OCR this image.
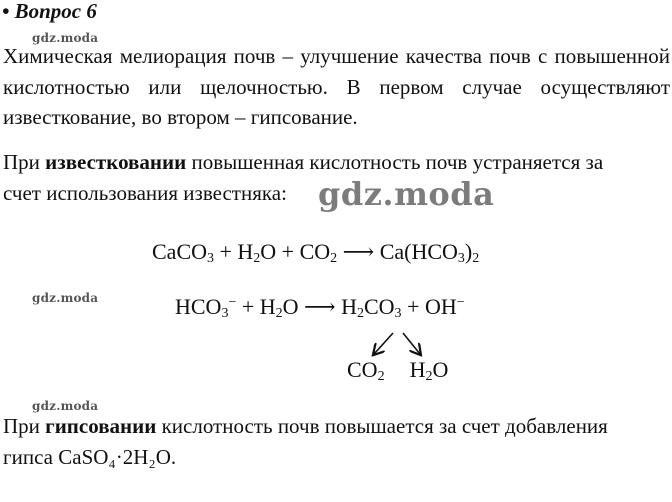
• Вопрос 6
gdz.moda
Химическая мелиорация почв – улучшение качества почв с повышенной кислотностью или щелочностью. В первом случае осуществляют известкование, во втором – гипсование.
При известковании повышенная кислотность почв устраняется за
счет использования известняка: gdz.moda
CaCO$_3$ + $H_2O + CO_2$ ⟶ $Ca(HCO_3)_2$
gdz.moda	$HCO_3^- + H_2O$ ⟶ $H_2CO_3 + OH^-$
$CO_2$ $H_2O$
gdz.moda
При гипсовании кислотность почв повышается за счет добавления
гипса CaSO₄·2H₂O.
